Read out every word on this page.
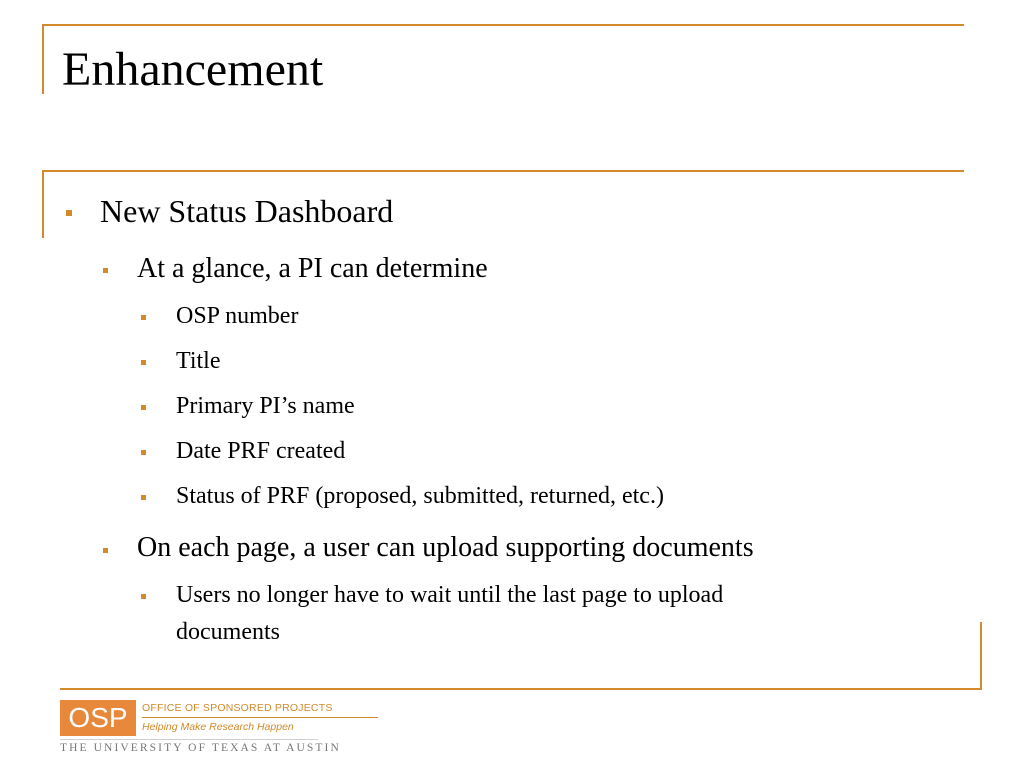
Enhancement
New Status Dashboard
At a glance, a PI can determine
OSP number
Title
Primary PI’s name
Date PRF created
Status of PRF (proposed, submitted, returned, etc.)
On each page, a user can upload supporting documents
Users no longer have to wait until the last page to upload
documents
OSP	OFFICE OF SPONSORED PROJECTS
Helping Make Research Happen
THE UNIVERSITY OF TEXAS AT AUSTIN
